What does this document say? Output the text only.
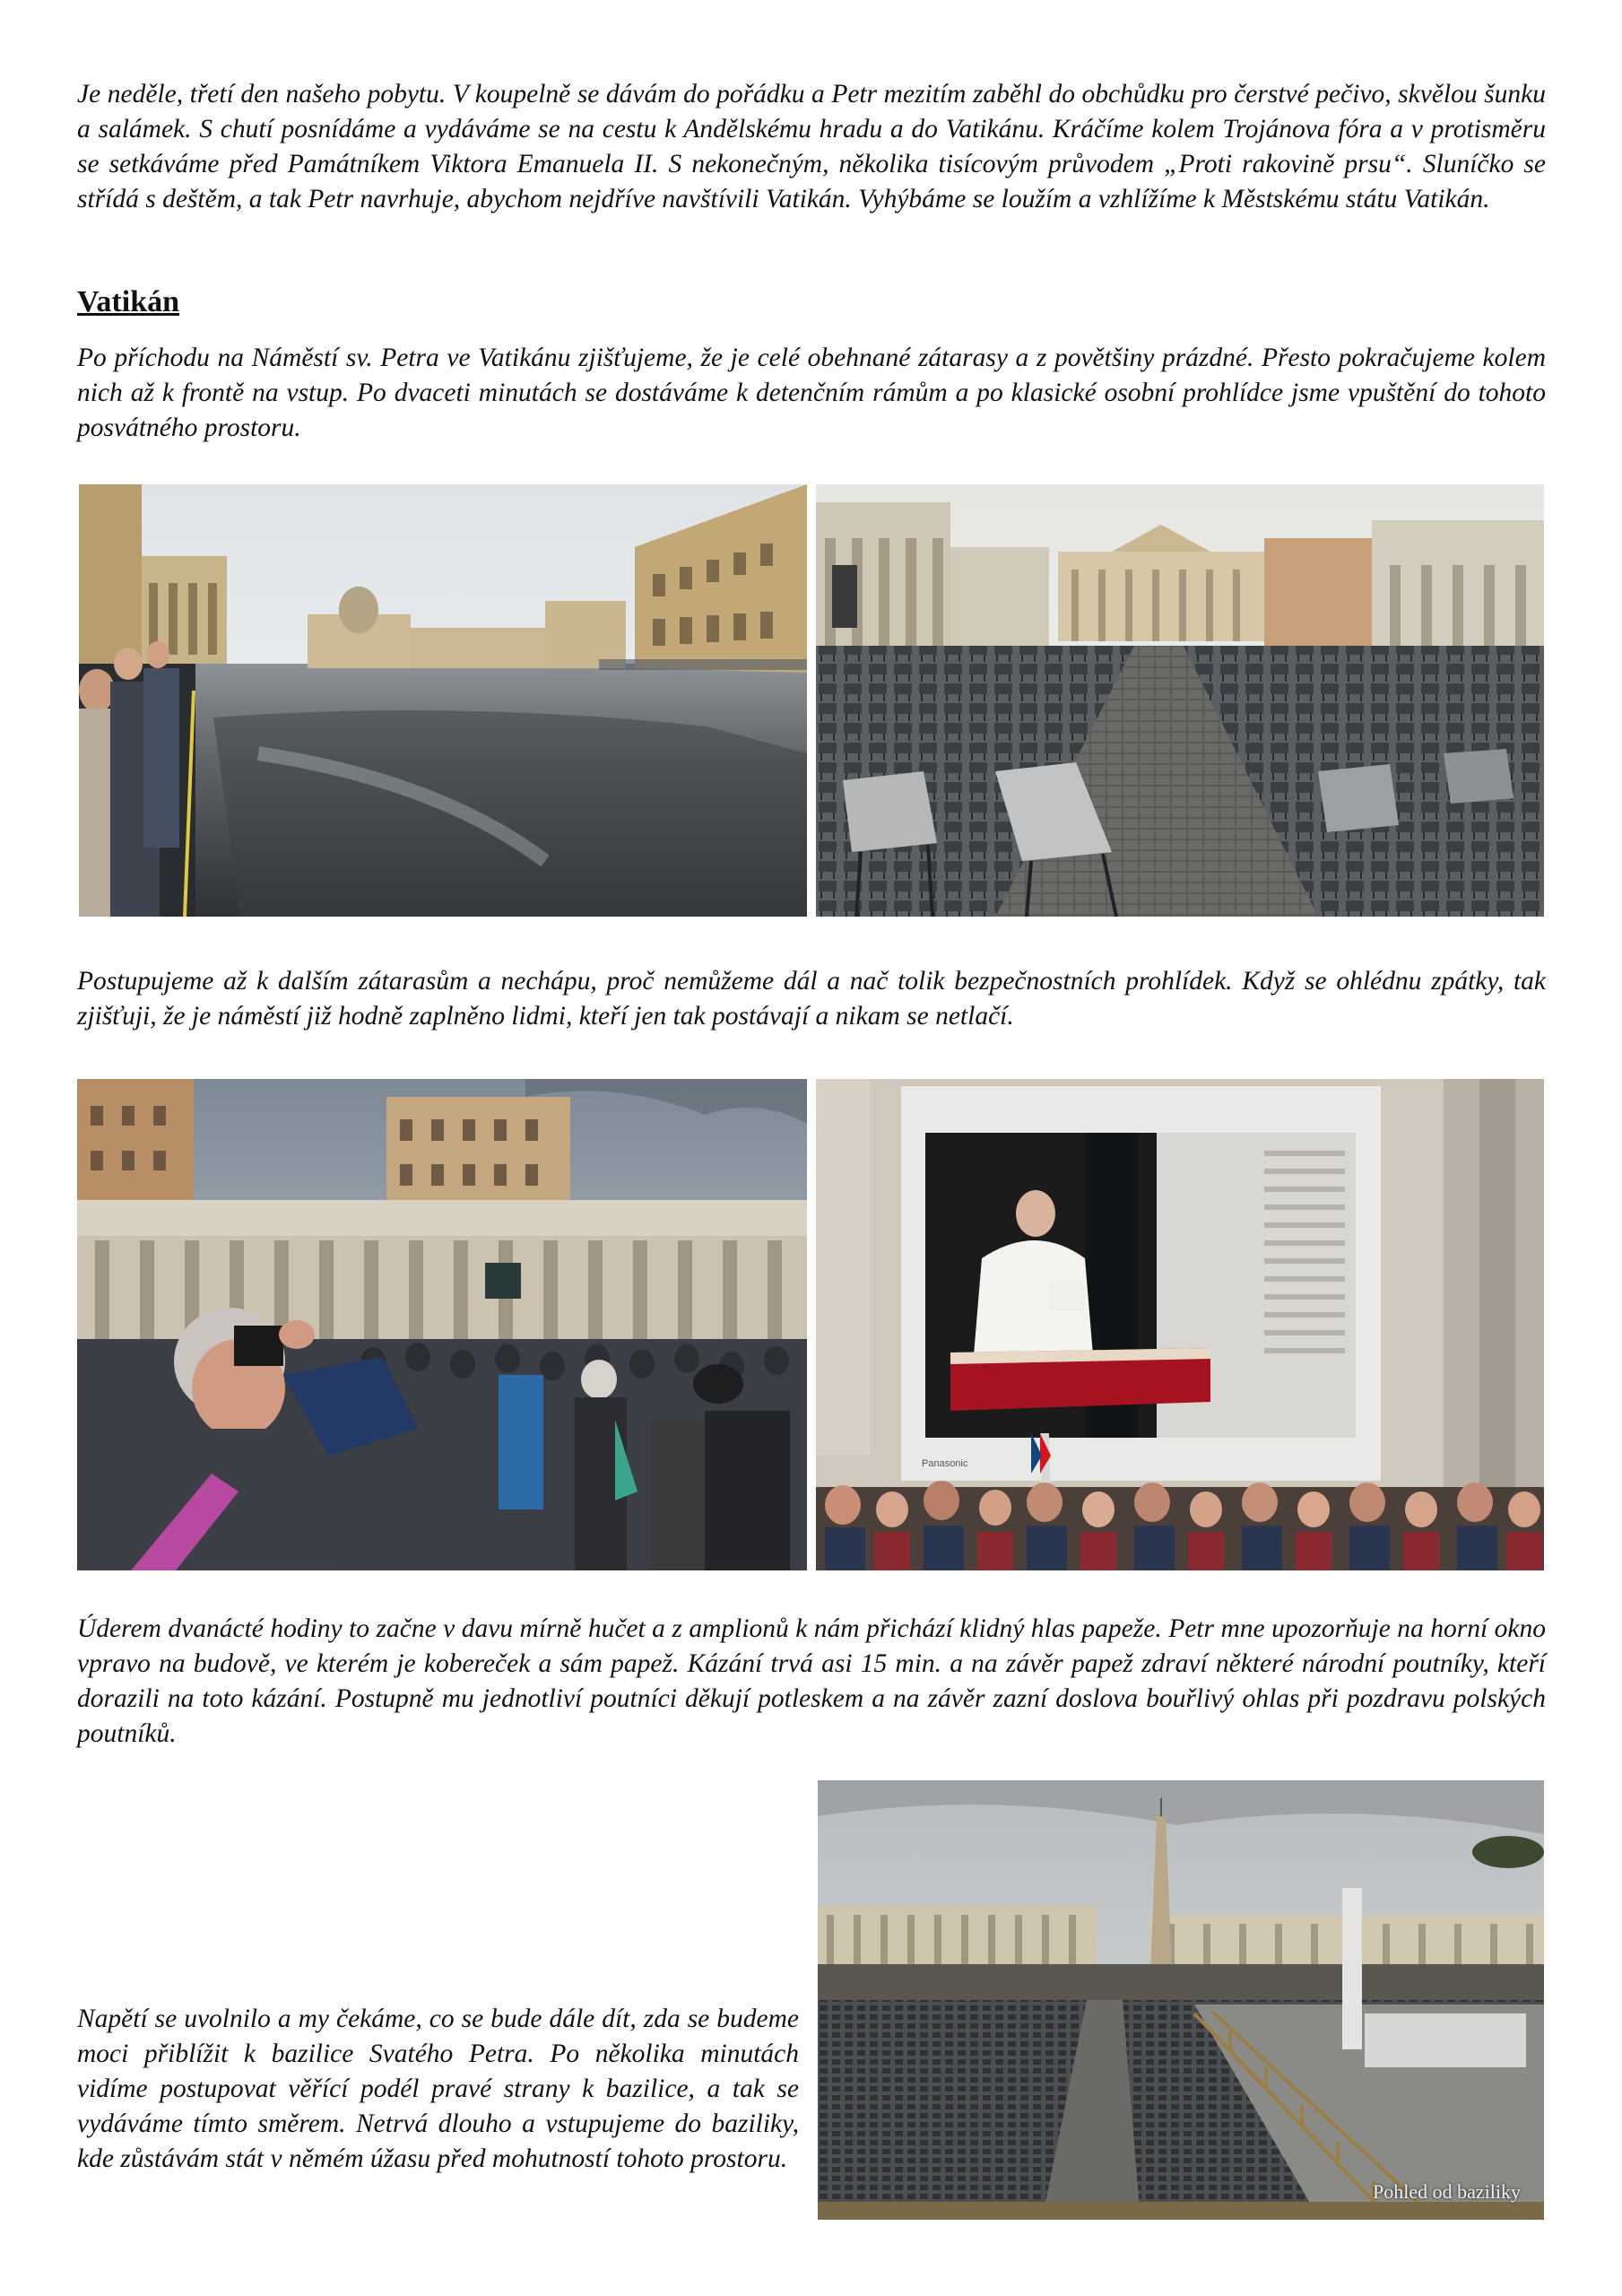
Je neděle, třetí den našeho pobytu. V koupelně se dávám do pořádku a Petr mezitím zaběhl do obchůdku pro čerstvé pečivo, skvělou šunku a salámek. S chutí posnídáme a vydáváme se na cestu k Andělskému hradu a do Vatikánu. Kráčíme kolem Trojánova fóra a v protisměru se setkáváme před Památníkem Viktora Emanuela II. S nekonečným, několika tisícovým průvodem „Proti rakovině prsu“. Sluníčko se střídá s deštěm, a tak Petr navrhuje, abychom nejdříve navštívili Vatikán. Vyhýbáme se loužím a vzhlížíme k Městskému státu Vatikán.

Vatikán

Po příchodu na Náměstí sv. Petra ve Vatikánu zjišťujeme, že je celé obehnané zátarasy a z povětšiny prázdné. Přesto pokračujeme kolem nich až k frontě na vstup. Po dvaceti minutách se dostáváme k detenčním rámům a po klasické osobní prohlídce jsme vpuštění do tohoto posvátného prostoru.

Postupujeme až k dalším zátarasům a nechápu, proč nemůžeme dál a nač tolik bezpečnostních prohlídek. Když se ohlédnu zpátky, tak zjišťuji, že je náměstí již hodně zaplněno lidmi, kteří jen tak postávají a nikam se netlačí.

Panasonic

Úderem dvanácté hodiny to začne v davu mírně hučet a z amplionů k nám přichází klidný hlas papeže. Petr mne upozorňuje na horní okno vpravo na budově, ve kterém je kobereček a sám papež. Kázání trvá asi 15 min. a na závěr papež zdraví některé národní poutníky, kteří dorazili na toto kázání. Postupně mu jednotliví poutníci děkují potleskem a na závěr zazní doslova bouřlivý ohlas při pozdravu polských poutníků.

Pohled od baziliky

Napětí se uvolnilo a my čekáme, co se bude dále dít, zda se budeme moci přiblížit k bazilice Svatého Petra. Po několika minutách vidíme postupovat věřící podél pravé strany k bazilice, a tak se vydáváme tímto směrem. Netrvá dlouho a vstupujeme do baziliky, kde zůstávám stát v němém úžasu před mohutností tohoto prostoru.
